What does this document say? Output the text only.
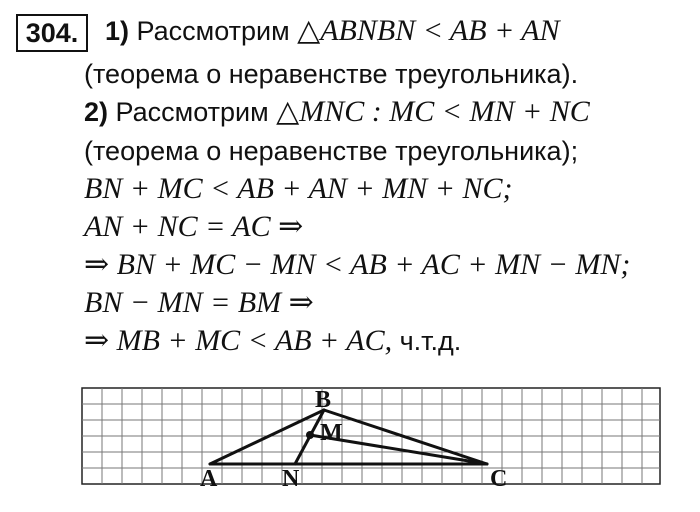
304. 1) Рассмотрим △ABNBN < AB + AN
(теорема о неравенстве треугольника).
2) Рассмотрим △MNC : MC < MN + NC
(теорема о неравенстве треугольника);
BN + MC < AB + AN + MN + NC;
AN + NC = AC ⇒
⇒ BN + MC − MN < AB + AC + MN − MN;
BN − MN = BM ⇒
⇒ MB + MC < AB + AC, ч.т.д.
A
B
C
M
N
